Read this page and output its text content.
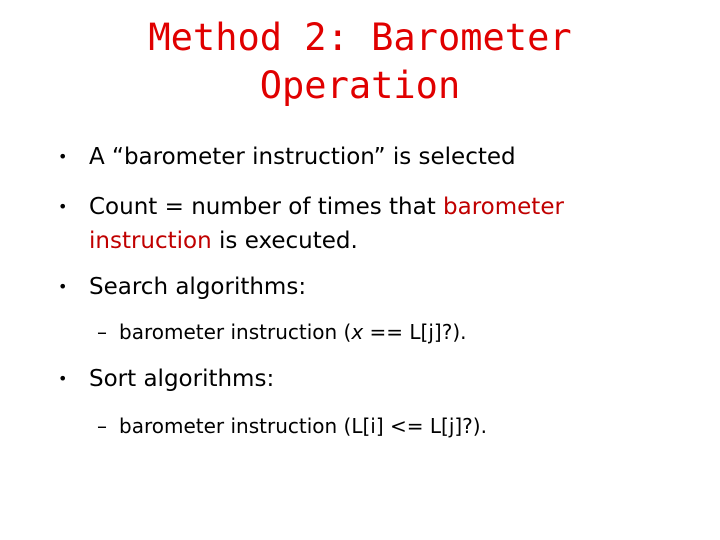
Method 2: Barometer
Operation
• A “barometer instruction” is selected
• Count = number of times that barometer
instruction is executed.
• Search algorithms:
– barometer instruction (x == L[j]?).
• Sort algorithms:
– barometer instruction (L[i] <= L[j]?).
